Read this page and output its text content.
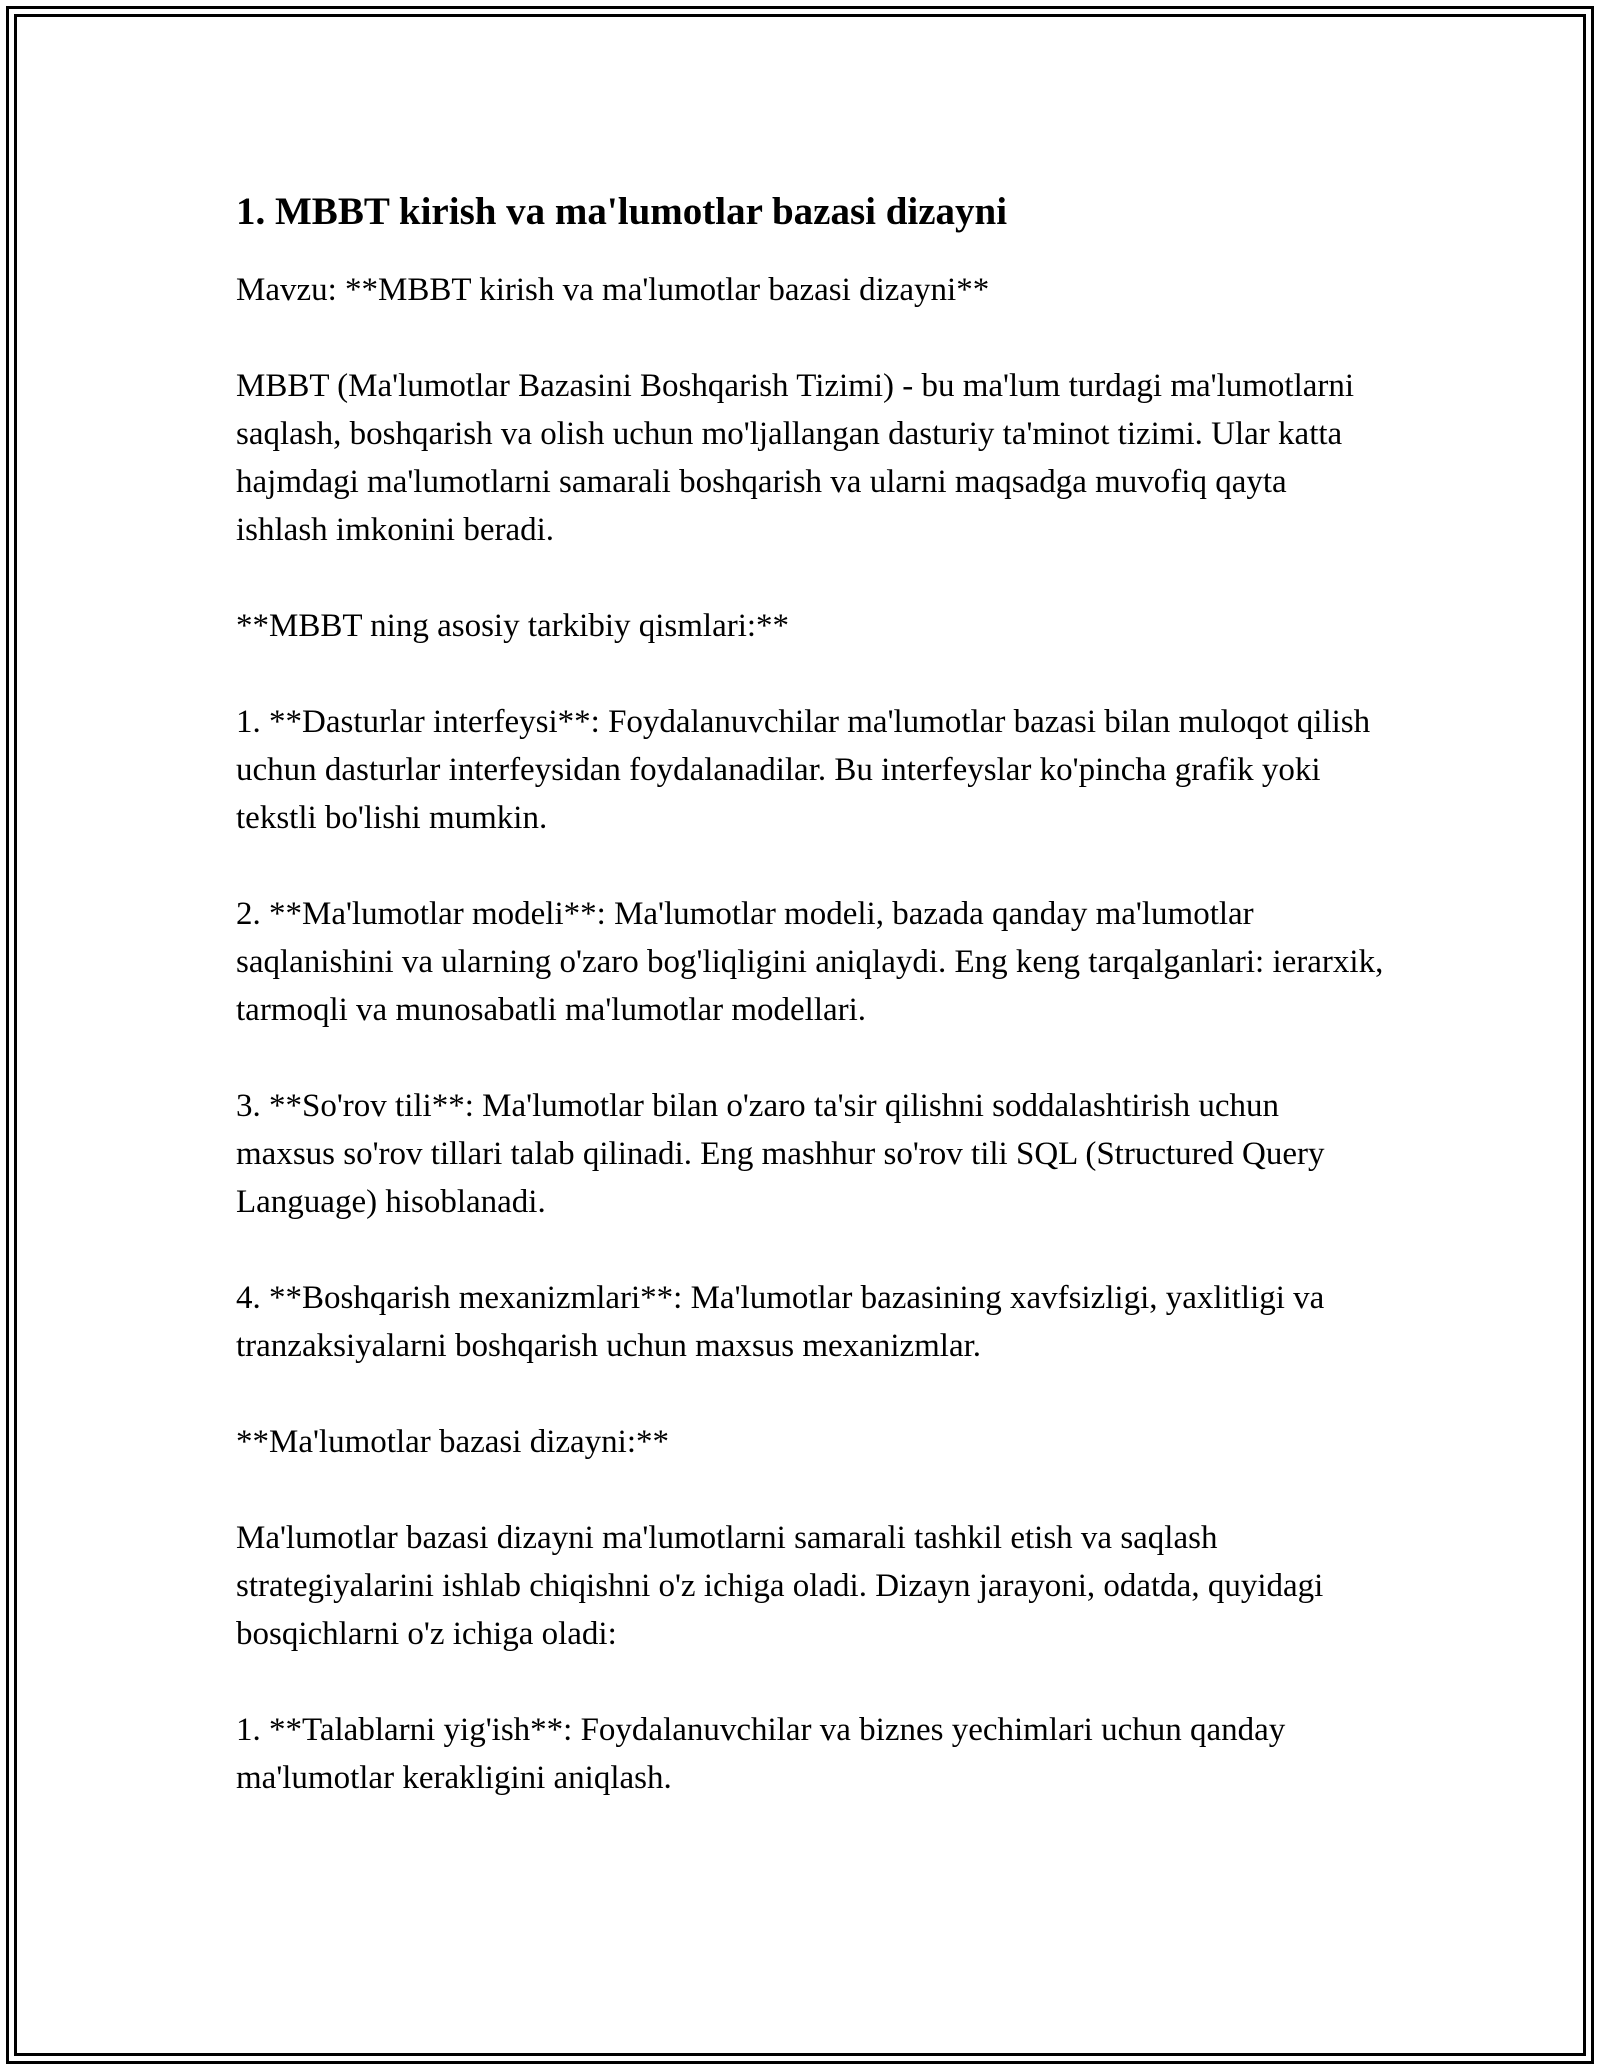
1. MBBT kirish va ma'lumotlar bazasi dizayni

Mavzu: **MBBT kirish va ma'lumotlar bazasi dizayni**

MBBT (Ma'lumotlar Bazasini Boshqarish Tizimi) - bu ma'lum turdagi ma'lumotlarni saqlash, boshqarish va olish uchun mo'ljallangan dasturiy ta'minot tizimi. Ular katta hajmdagi ma'lumotlarni samarali boshqarish va ularni maqsadga muvofiq qayta ishlash imkonini beradi.

**MBBT ning asosiy tarkibiy qismlari:**

1. **Dasturlar interfeysi**: Foydalanuvchilar ma'lumotlar bazasi bilan muloqot qilish uchun dasturlar interfeysidan foydalanadilar. Bu interfeyslar ko'pincha grafik yoki tekstli bo'lishi mumkin.

2. **Ma'lumotlar modeli**: Ma'lumotlar modeli, bazada qanday ma'lumotlar saqlanishini va ularning o'zaro bog'liqligini aniqlaydi. Eng keng tarqalganlari: ierarxik, tarmoqli va munosabatli ma'lumotlar modellari.

3. **So'rov tili**: Ma'lumotlar bilan o'zaro ta'sir qilishni soddalashtirish uchun maxsus so'rov tillari talab qilinadi. Eng mashhur so'rov tili SQL (Structured Query Language) hisoblanadi.

4. **Boshqarish mexanizmlari**: Ma'lumotlar bazasining xavfsizligi, yaxlitligi va tranzaksiyalarni boshqarish uchun maxsus mexanizmlar.

**Ma'lumotlar bazasi dizayni:**

Ma'lumotlar bazasi dizayni ma'lumotlarni samarali tashkil etish va saqlash strategiyalarini ishlab chiqishni o'z ichiga oladi. Dizayn jarayoni, odatda, quyidagi bosqichlarni o'z ichiga oladi:

1. **Talablarni yig'ish**: Foydalanuvchilar va biznes yechimlari uchun qanday ma'lumotlar kerakligini aniqlash.
